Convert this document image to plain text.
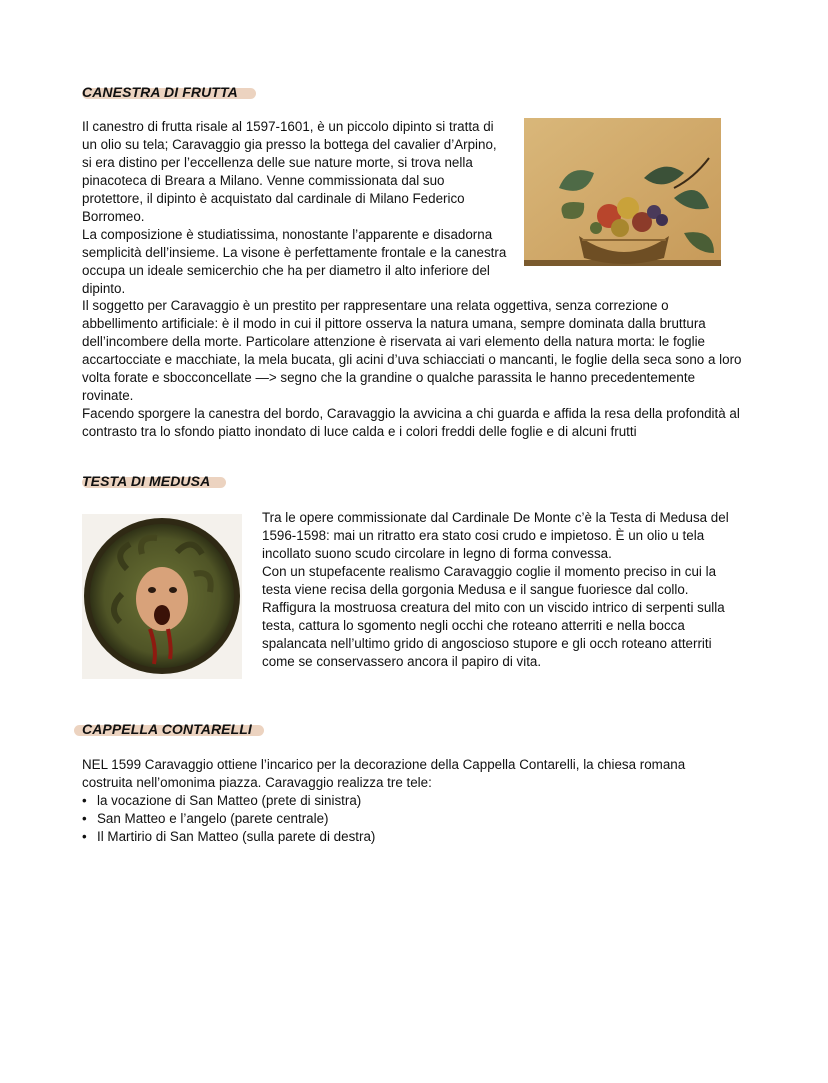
CANESTRA DI FRUTTA

Il canestro di frutta risale al 1597-1601, è un piccolo dipinto si tratta di un olio su tela; Caravaggio gia presso la bottega del cavalier d’Arpino, si era distino per l’eccellenza delle sue nature morte, si trova nella pinacoteca di Breara a Milano. Venne commissionata dal suo protettore, il dipinto è acquistato dal cardinale di Milano Federico Borromeo.

La composizione è studiatissima, nonostante l’apparente e disadorna semplicità dell’insieme. La visone è perfettamente frontale e la canestra occupa un ideale semicerchio che ha per diametro il alto inferiore del dipinto.

Il soggetto per Caravaggio è un prestito per rappresentare una relata oggettiva, senza correzione o abbellimento artificiale: è il modo in cui il pittore osserva la natura umana, sempre dominata dalla bruttura dell’incombere della morte. Particolare attenzione è riservata ai vari elemento della natura morta: le foglie accartocciate e macchiate, la mela bucata, gli acini d’uva schiacciati o mancanti, le foglie della seca sono a loro volta forate e sbocconcellate —> segno che la grandine o qualche parassita le hanno precedentemente rovinate.

Facendo sporgere la canestra del bordo, Caravaggio la avvicina a chi guarda e affida la resa della profondità al contrasto tra lo sfondo piatto inondato di luce calda e i colori freddi delle foglie e di alcuni frutti

TESTA DI MEDUSA

Tra le opere commissionate dal Cardinale De Monte c’è la Testa di Medusa del 1596-1598: mai un ritratto era stato cosi crudo e impietoso. È un olio u tela incollato suono scudo circolare in legno di forma convessa.

Con un stupefacente realismo Caravaggio coglie il momento preciso in cui la testa viene recisa della gorgonia Medusa e il sangue fuoriesce dal collo. Raffigura la mostruosa creatura del mito con un viscido intrico di serpenti sulla testa, cattura lo sgomento negli occhi che roteano atterriti e nella bocca spalancata nell’ultimo grido di angoscioso stupore e gli occh roteano atterriti come se conservassero ancora il papiro di vita.

CAPPELLA CONTARELLI

NEL 1599 Caravaggio ottiene l’incarico per la decorazione della Cappella Contarelli, la chiesa romana costruita nell’omonima piazza. Caravaggio realizza tre tele:

• la vocazione di San Matteo (prete di sinistra)
• San Matteo e l’angelo (parete centrale)
• Il Martirio di San Matteo (sulla parete di destra)
